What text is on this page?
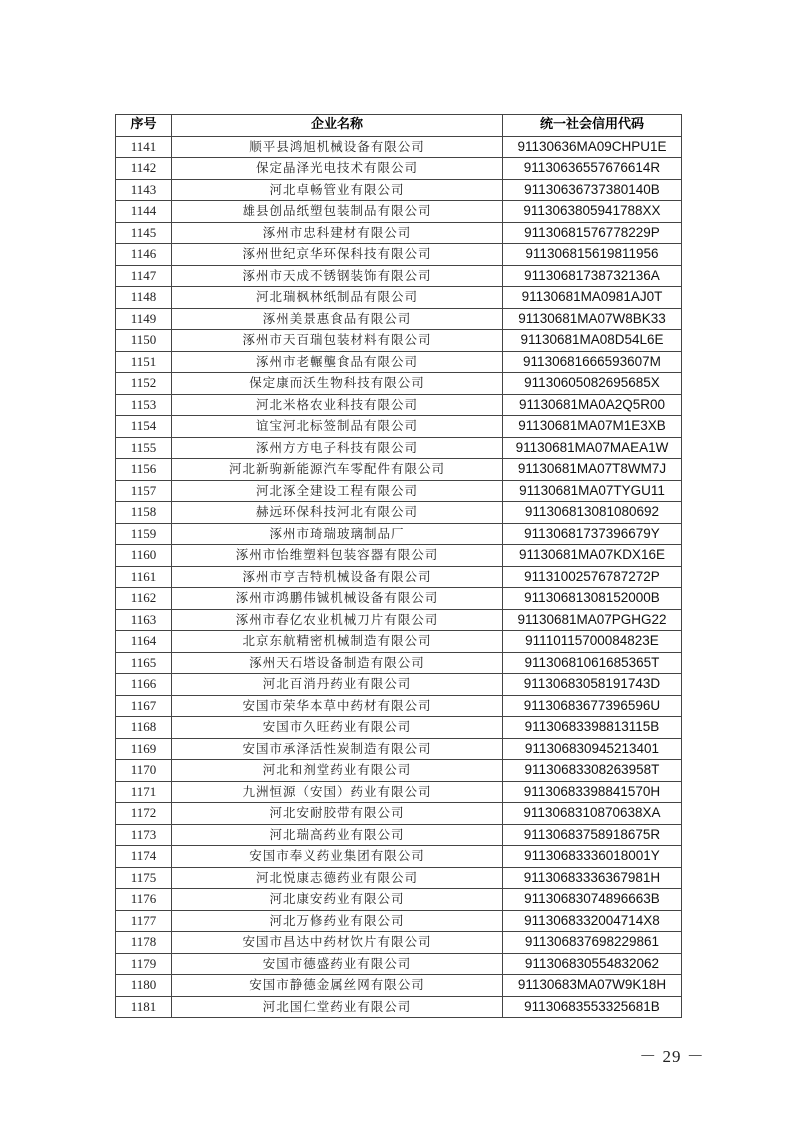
序号	企业名称	统一社会信用代码
1141	顺平县鸿旭机械设备有限公司	91130636MA09CHPU1E
1142	保定晶泽光电技术有限公司	91130636557676614R
1143	河北卓畅管业有限公司	91130636737380140B
1144	雄县创品纸塑包装制品有限公司	9113063805941788XX
1145	涿州市忠科建材有限公司	91130681576778229P
1146	涿州世纪京华环保科技有限公司	911306815619811956
1147	涿州市天成不锈钢装饰有限公司	91130681738732136A
1148	河北瑞枫林纸制品有限公司	91130681MA0981AJ0T
1149	涿州美景惠食品有限公司	91130681MA07W8BK33
1150	涿州市天百瑞包装材料有限公司	91130681MA08D54L6E
1151	涿州市老輾壟食品有限公司	91130681666593607M
1152	保定康而沃生物科技有限公司	91130605082695685X
1153	河北米格农业科技有限公司	91130681MA0A2Q5R00
1154	谊宝河北标签制品有限公司	91130681MA07M1E3XB
1155	涿州方方电子科技有限公司	91130681MA07MAEA1W
1156	河北新驹新能源汽车零配件有限公司	91130681MA07T8WM7J
1157	河北涿全建设工程有限公司	91130681MA07TYGU11
1158	赫远环保科技河北有限公司	911306813081080692
1159	涿州市琦瑞玻璃制品厂	91130681737396679Y
1160	涿州市怡维塑料包装容器有限公司	91130681MA07KDX16E
1161	涿州市亨吉特机械设备有限公司	91131002576787272P
1162	涿州市鸿鹏伟铖机械设备有限公司	91130681308152000B
1163	涿州市春亿农业机械刀片有限公司	91130681MA07PGHG22
1164	北京东航精密机械制造有限公司	91110115700084823E
1165	涿州天石塔设备制造有限公司	91130681061685365T
1166	河北百消丹药业有限公司	91130683058191743D
1167	安国市荣华本草中药材有限公司	91130683677396596U
1168	安国市久旺药业有限公司	91130683398813115B
1169	安国市承泽活性炭制造有限公司	911306830945213401
1170	河北和剂堂药业有限公司	91130683308263958T
1171	九洲恒源（安国）药业有限公司	91130683398841570H
1172	河北安耐胶带有限公司	9113068310870638XA
1173	河北瑞高药业有限公司	91130683758918675R
1174	安国市奉义药业集团有限公司	91130683336018001Y
1175	河北悦康志德药业有限公司	91130683336367981H
1176	河北康安药业有限公司	91130683074896663B
1177	河北万修药业有限公司	9113068332004714X8
1178	安国市昌达中药材饮片有限公司	911306837698229861
1179	安国市德盛药业有限公司	911306830554832062
1180	安国市静德金属丝网有限公司	91130683MA07W9K18H
1181	河北国仁堂药业有限公司	91130683553325681B
－ 29 －
